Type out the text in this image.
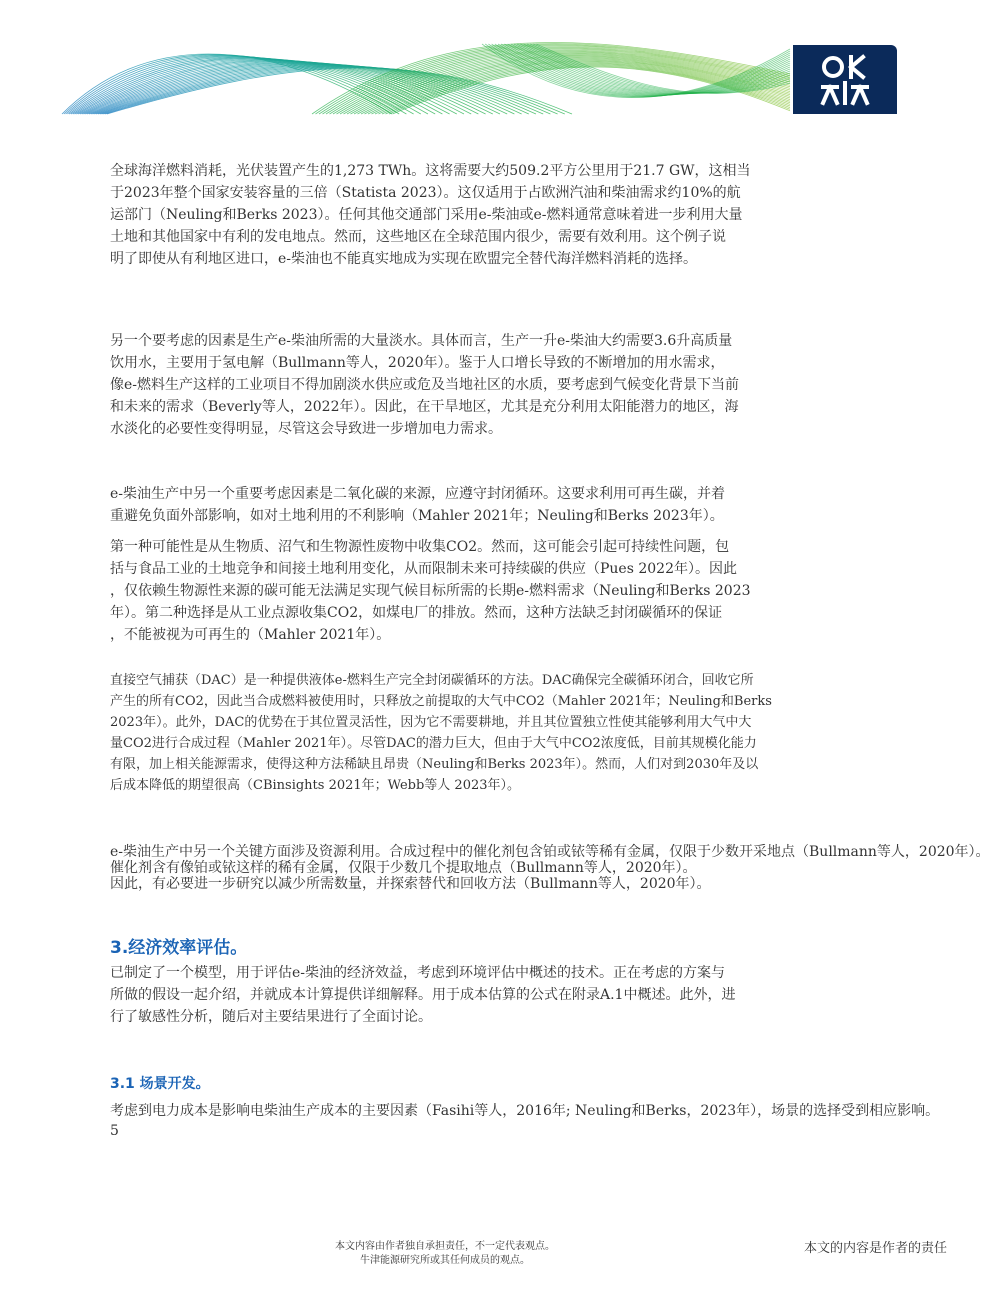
全球海洋燃料消耗，光伏装置产生的1,273 TWh。这将需要大约509.2平方公里用于21.7 GW，这相当
于2023年整个国家安装容量的三倍（Statista 2023）。这仅适用于占欧洲汽油和柴油需求约10%的航
运部门（Neuling和Berks 2023）。任何其他交通部门采用e-柴油或e-燃料通常意味着进一步利用大量
土地和其他国家中有利的发电地点。然而，这些地区在全球范围内很少，需要有效利用。这个例子说
明了即使从有利地区进口，e-柴油也不能真实地成为实现在欧盟完全替代海洋燃料消耗的选择。

另一个要考虑的因素是生产e-柴油所需的大量淡水。具体而言，生产一升e-柴油大约需要3.6升高质量
饮用水，主要用于氢电解（Bullmann等人，2020年）。鉴于人口增长导致的不断增加的用水需求，
像e-燃料生产这样的工业项目不得加剧淡水供应或危及当地社区的水质，要考虑到气候变化背景下当前
和未来的需求（Beverly等人，2022年）。因此，在干旱地区，尤其是充分利用太阳能潜力的地区，海
水淡化的必要性变得明显，尽管这会导致进一步增加电力需求。

e-柴油生产中另一个重要考虑因素是二氧化碳的来源，应遵守封闭循环。这要求利用可再生碳，并着
重避免负面外部影响，如对土地利用的不利影响（Mahler 2021年；Neuling和Berks 2023年）。

第一种可能性是从生物质、沼气和生物源性废物中收集CO2。然而，这可能会引起可持续性问题，包
括与食品工业的土地竞争和间接土地利用变化，从而限制未来可持续碳的供应（Pues 2022年）。因此
，仅依赖生物源性来源的碳可能无法满足实现气候目标所需的长期e-燃料需求（Neuling和Berks 2023
年）。第二种选择是从工业点源收集CO2，如煤电厂的排放。然而，这种方法缺乏封闭碳循环的保证
，不能被视为可再生的（Mahler 2021年）。

直接空气捕获（DAC）是一种提供液体e-燃料生产完全封闭碳循环的方法。DAC确保完全碳循环闭合，回收它所
产生的所有CO2，因此当合成燃料被使用时，只释放之前提取的大气中CO2（Mahler 2021年；Neuling和Berks
2023年）。此外，DAC的优势在于其位置灵活性，因为它不需要耕地，并且其位置独立性使其能够利用大气中大
量CO2进行合成过程（Mahler 2021年）。尽管DAC的潜力巨大，但由于大气中CO2浓度低，目前其规模化能力
有限，加上相关能源需求，使得这种方法稀缺且昂贵（Neuling和Berks 2023年）。然而，人们对到2030年及以
后成本降低的期望很高（CBinsights 2021年；Webb等人 2023年）。

e-柴油生产中另一个关键方面涉及资源利用。合成过程中的催化剂包含铂或铱等稀有金属，仅限于少数开采地点（Bullmann等人，2020年）。
催化剂含有像铂或铱这样的稀有金属，仅限于少数几个提取地点（Bullmann等人，2020年）。
因此，有必要进一步研究以减少所需数量，并探索替代和回收方法（Bullmann等人，2020年）。

3.经济效率评估。

已制定了一个模型，用于评估e-柴油的经济效益，考虑到环境评估中概述的技术。正在考虑的方案与
所做的假设一起介绍，并就成本计算提供详细解释。用于成本估算的公式在附录A.1中概述。此外，进
行了敏感性分析，随后对主要结果进行了全面讨论。

3.1 场景开发。

考虑到电力成本是影响电柴油生产成本的主要因素（Fasihi等人，2016年; Neuling和Berks，2023年），场景的选择受到相应影响。
5

本文内容由作者独自承担责任，不一定代表观点。
牛津能源研究所或其任何成员的观点。
本文的内容是作者的责任
